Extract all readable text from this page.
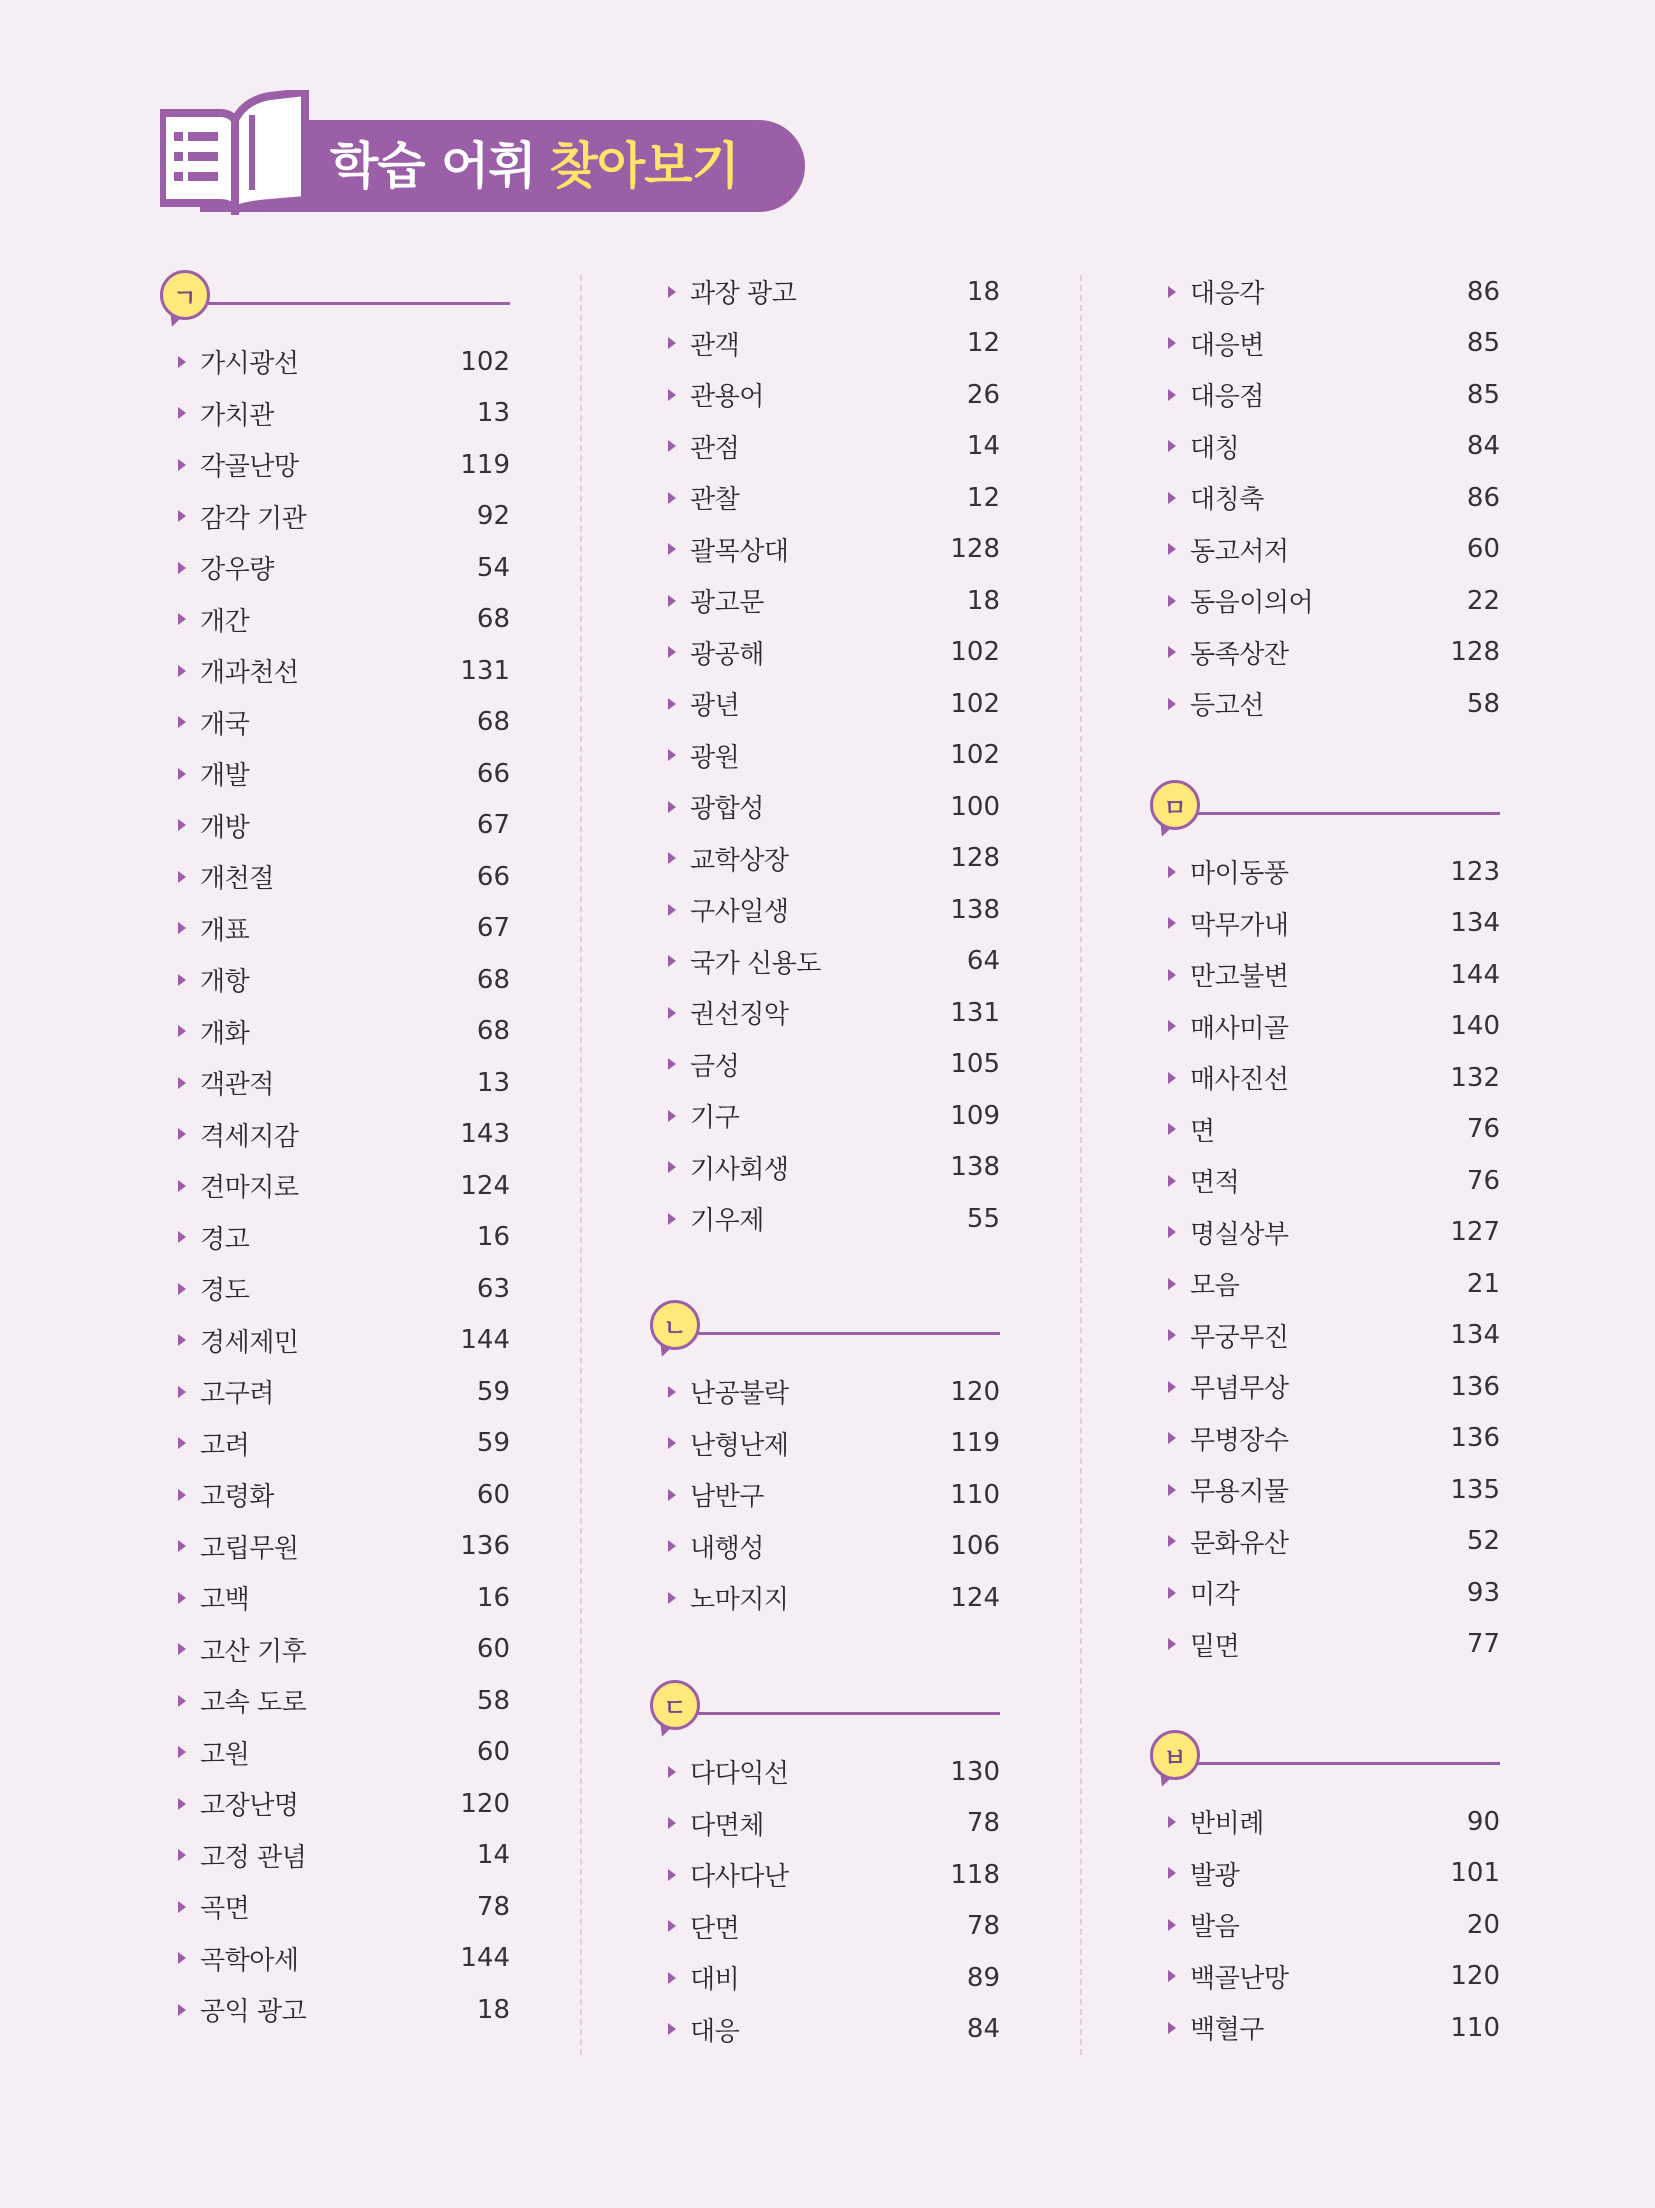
학습 어휘 찾아보기
ㄱ
가시광선	102
가치관	13
각골난망	119
감각 기관	92
강우량	54
개간	68
개과천선	131
개국	68
개발	66
개방	67
개천절	66
개표	67
개항	68
개화	68
객관적	13
격세지감	143
견마지로	124
경고	16
경도	63
경세제민	144
고구려	59
고려	59
고령화	60
고립무원	136
고백	16
고산 기후	60
고속 도로	58
고원	60
고장난명	120
고정 관념	14
곡면	78
곡학아세	144
공익 광고	18
과장 광고	18
관객	12
관용어	26
관점	14
관찰	12
괄목상대	128
광고문	18
광공해	102
광년	102
광원	102
광합성	100
교학상장	128
구사일생	138
국가 신용도	64
권선징악	131
금성	105
기구	109
기사회생	138
기우제	55
ㄴ
난공불락	120
난형난제	119
남반구	110
내행성	106
노마지지	124
ㄷ
다다익선	130
다면체	78
다사다난	118
단면	78
대비	89
대응	84
대응각	86
대응변	85
대응점	85
대칭	84
대칭축	86
동고서저	60
동음이의어	22
동족상잔	128
등고선	58
ㅁ
마이동풍	123
막무가내	134
만고불변	144
매사미골	140
매사진선	132
면	76
면적	76
명실상부	127
모음	21
무궁무진	134
무념무상	136
무병장수	136
무용지물	135
문화유산	52
미각	93
밑면	77
ㅂ
반비례	90
발광	101
발음	20
백골난망	120
백혈구	110
